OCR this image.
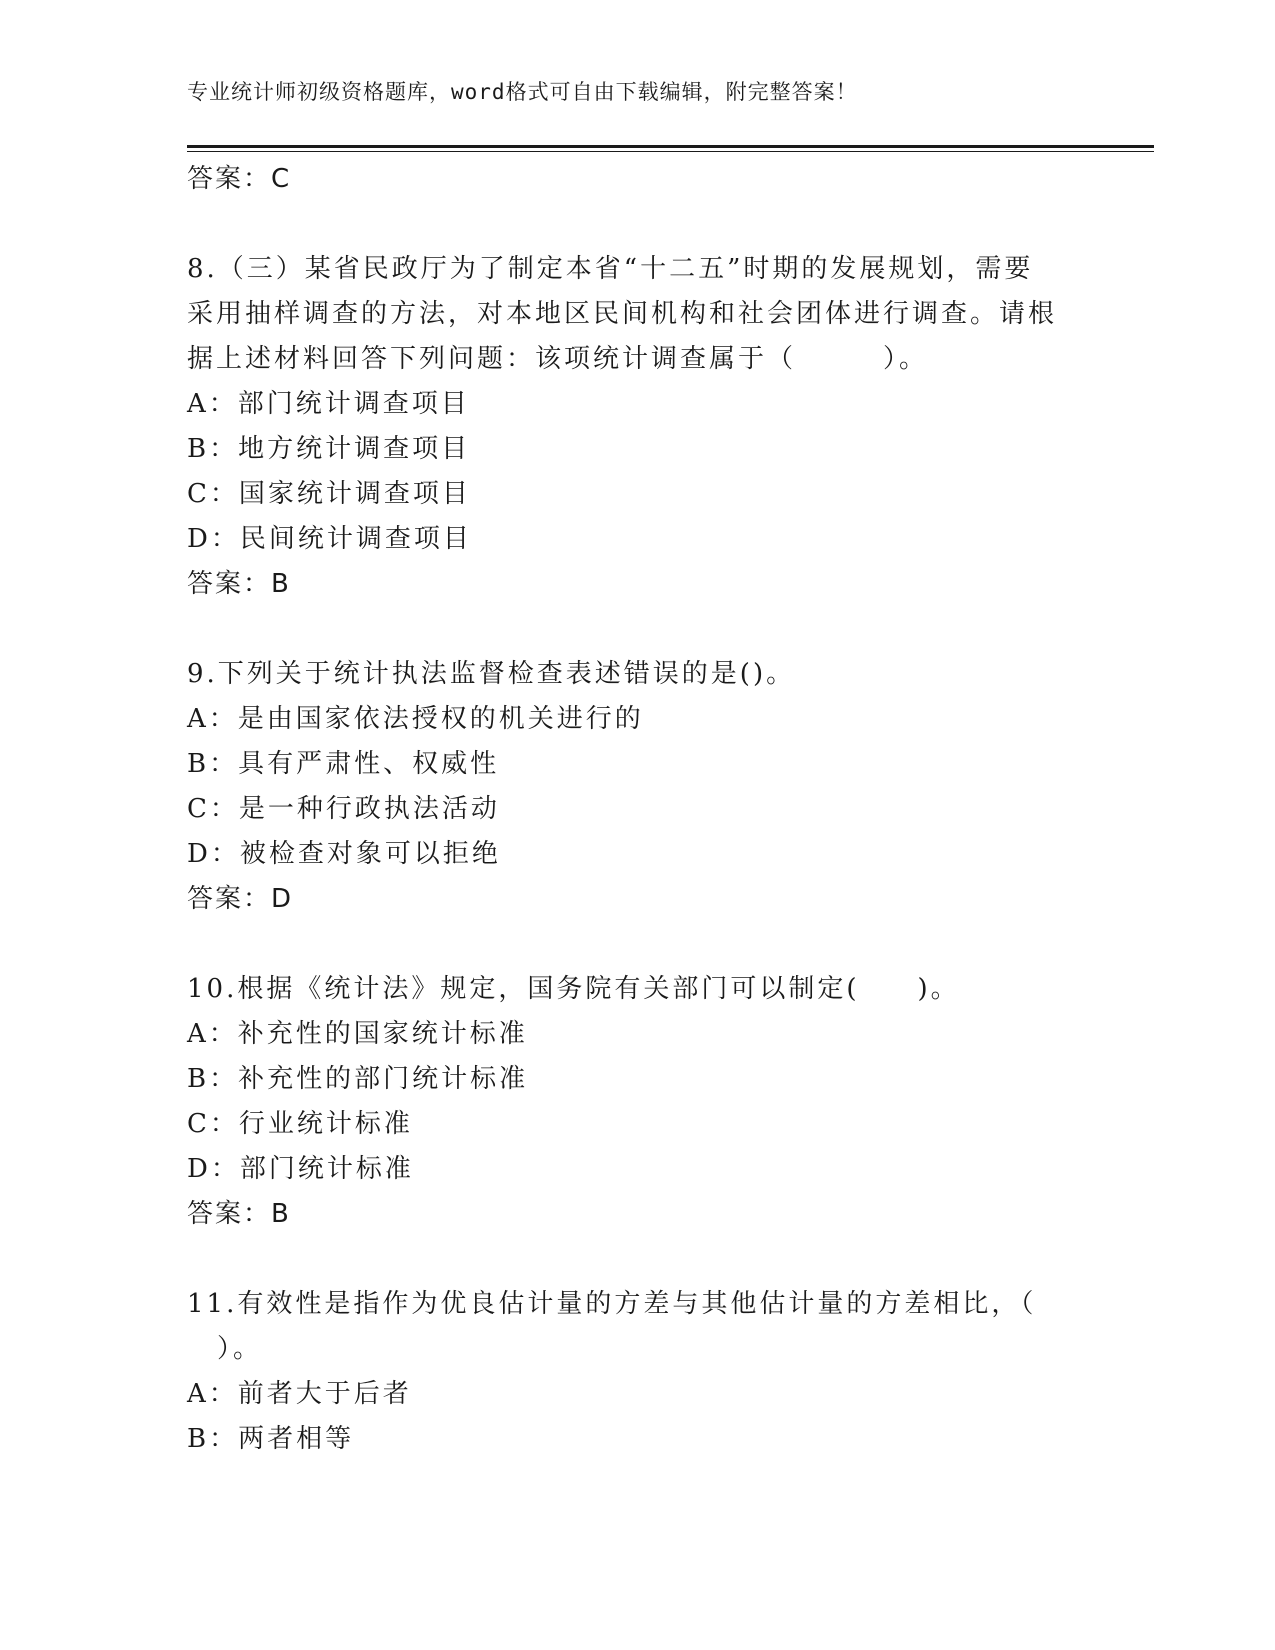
专业统计师初级资格题库，word格式可自由下载编辑，附完整答案！
答案：C
8.（三）某省民政厅为了制定本省“十二五”时期的发展规划，需要
采用抽样调查的方法，对本地区民间机构和社会团体进行调查。请根
据上述材料回答下列问题：该项统计调查属于（　　　）。
A：部门统计调查项目
B：地方统计调查项目
C：国家统计调查项目
D：民间统计调查项目
答案：B
9.下列关于统计执法监督检查表述错误的是()。
A：是由国家依法授权的机关进行的
B：具有严肃性、权威性
C：是一种行政执法活动
D：被检查对象可以拒绝
答案：D
10.根据《统计法》规定，国务院有关部门可以制定(　　)。
A：补充性的国家统计标准
B：补充性的部门统计标准
C：行业统计标准
D：部门统计标准
答案：B
11.有效性是指作为优良估计量的方差与其他估计量的方差相比，（
）。
A：前者大于后者
B：两者相等
